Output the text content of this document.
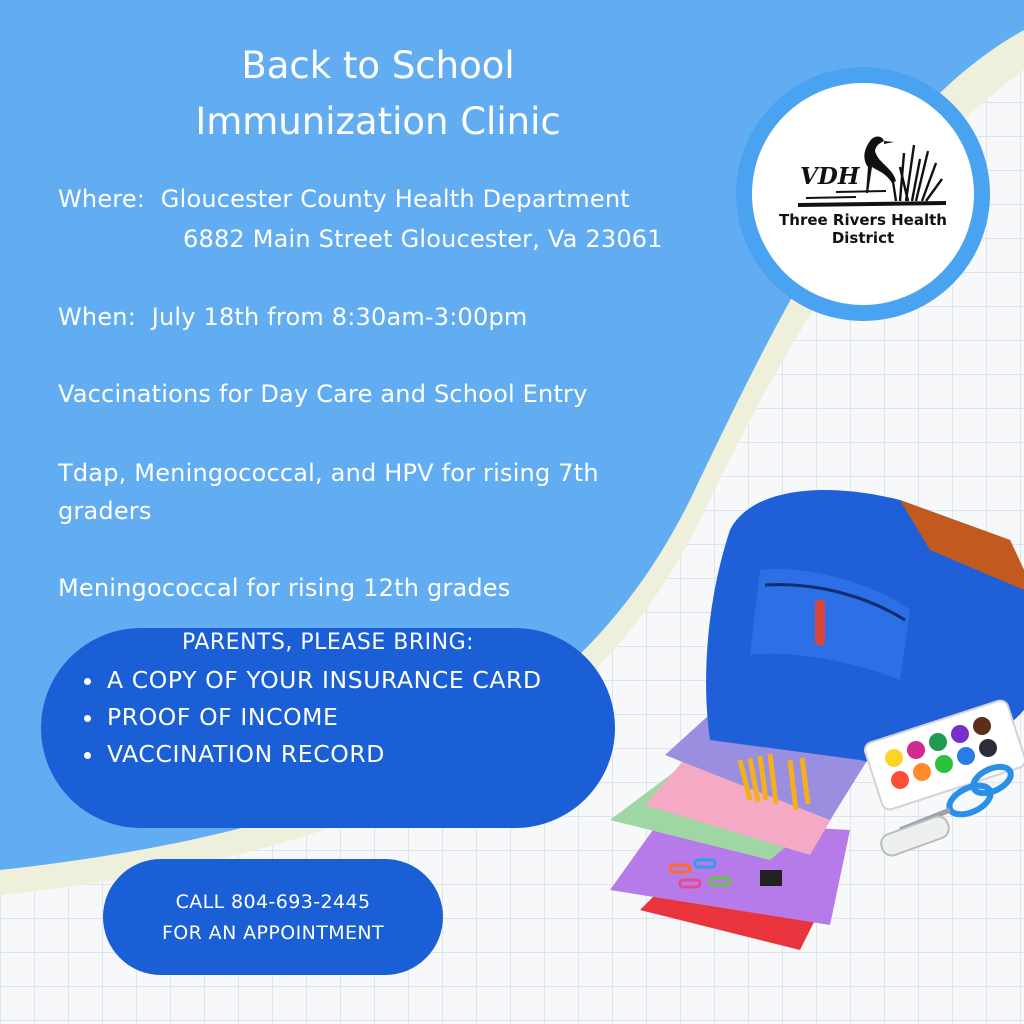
Back to School
Immunization Clinic
Where: Gloucester County Health Department
6882 Main Street Gloucester, Va 23061
When: July 18th from 8:30am-3:00pm
Vaccinations for Day Care and School Entry
Tdap, Meningococcal, and HPV for rising 7th
graders
Meningococcal for rising 12th grades
VDH
Three Rivers Health
District
PARENTS, PLEASE BRING:
• A COPY OF YOUR INSURANCE CARD
• PROOF OF INCOME
• VACCINATION RECORD
CALL 804-693-2445
FOR AN APPOINTMENT
